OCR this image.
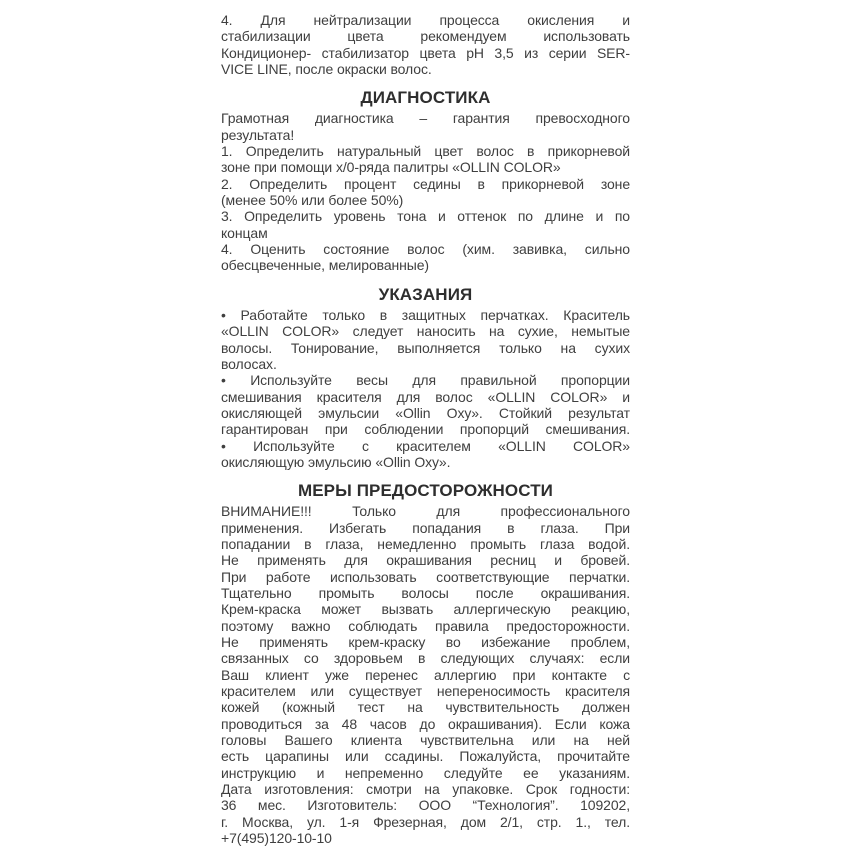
4. Для нейтрализации процесса окисления и
стабилизации цвета рекомендуем использовать
Кондиционер- стабилизатор цвета pH 3,5 из серии SER-
VICE LINE, после окраски волос.
ДИАГНОСТИКА
Грамотная диагностика – гарантия превосходного
результата!
1. Определить натуральный цвет волос в прикорневой
зоне при помощи х/0-ряда палитры «OLLIN COLOR»
2. Определить процент седины в прикорневой зоне
(менее 50% или более 50%)
3. Определить уровень тона и оттенок по длине и по
концам
4. Оценить состояние волос (хим. завивка, сильно
обесцвеченные, мелированные)
УКАЗАНИЯ
• Работайте только в защитных перчатках. Краситель
«OLLIN COLOR» следует наносить на сухие, немытые
волосы. Тонирование, выполняется только на сухих
волосах.
• Используйте весы для правильной пропорции
смешивания красителя для волос «OLLIN COLOR» и
окисляющей эмульсии «Ollin Oxy». Стойкий результат
гарантирован при соблюдении пропорций смешивания.
• Используйте с красителем «OLLIN COLOR»
окисляющую эмульсию «Ollin Oxy».
МЕРЫ ПРЕДОСТОРОЖНОСТИ
ВНИМАНИЕ!!! Только для профессионального
применения. Избегать попадания в глаза. При
попадании в глаза, немедленно промыть глаза водой.
Не применять для окрашивания ресниц и бровей.
При работе использовать соответствующие перчатки.
Тщательно промыть волосы после окрашивания.
Крем-краска может вызвать аллергическую реакцию,
поэтому важно соблюдать правила предосторожности.
Не применять крем-краску во избежание проблем,
связанных со здоровьем в следующих случаях: если
Ваш клиент уже перенес аллергию при контакте с
красителем или существует непереносимость красителя
кожей (кожный тест на чувствительность должен
проводиться за 48 часов до окрашивания). Если кожа
головы Вашего клиента чувствительна или на ней
есть царапины или ссадины. Пожалуйста, прочитайте
инструкцию и непременно следуйте ее указаниям.
Дата изготовления: смотри на упаковке. Срок годности:
36 мес. Изготовитель: ООО “Технология”. 109202,
г. Москва, ул. 1-я Фрезерная, дом 2/1, стр. 1., тел.
+7(495)120-10-10
